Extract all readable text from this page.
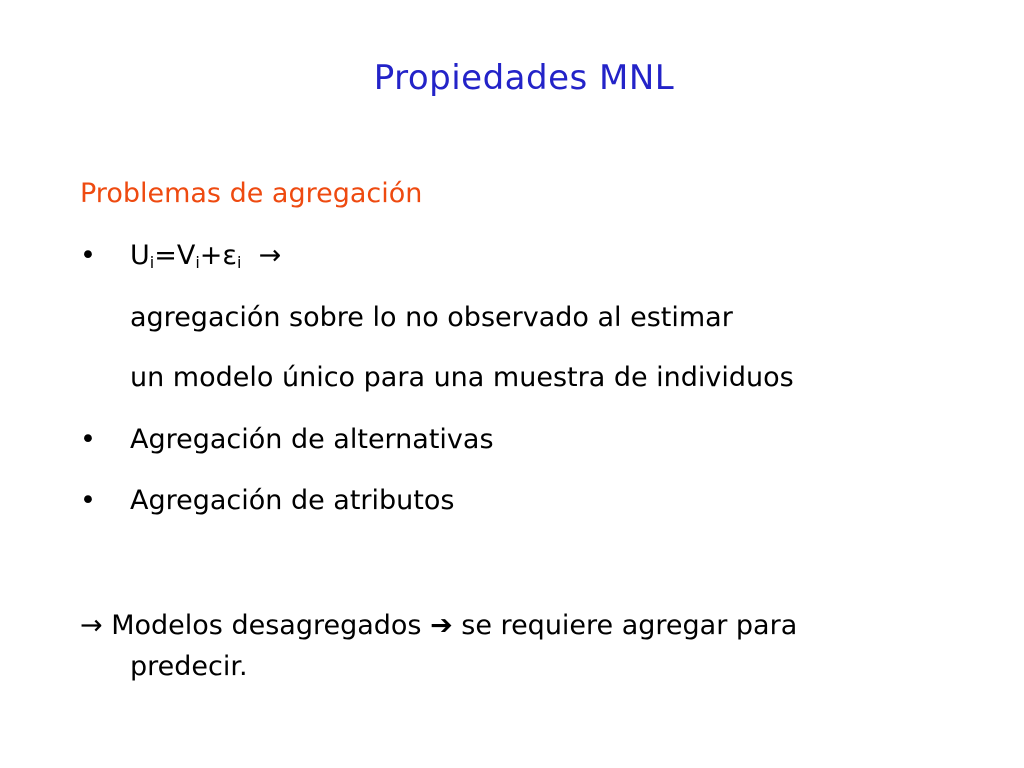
Propiedades MNL
Problemas de agregación
•	$U_i=V_i+\varepsilon_i$ →
agregación sobre lo no observado al estimar
un modelo único para una muestra de individuos
•	Agregación de alternativas
•	Agregación de atributos
→ Modelos desagregados ➔ se requiere agregar para
predecir.
